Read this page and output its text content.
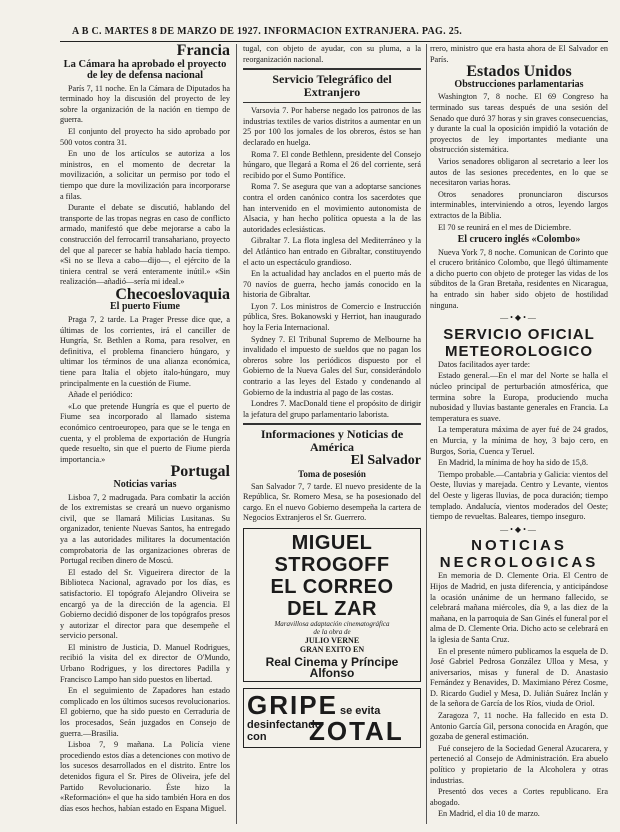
A B C. MARTES 8 DE MARZO DE 1927. INFORMACION EXTRANJERA. PAG. 25.
Francia
La Cámara ha aprobado el proyecto de ley de defensa nacional

París 7, 11 noche. En la Cámara de Diputados ha terminado hoy la discusión del proyecto de ley sobre la organización de la nación en tiempo de guerra.

El conjunto del proyecto ha sido aprobado por 500 votos contra 31.

En uno de los artículos se autoriza a los ministros, en el momento de decretar la movilización, a solicitar un permiso por todo el tiempo que dure la movilización para incorporarse a filas.

Durante el debate se discutió, hablando del transporte de las tropas negras en caso de conflicto armado, manifestó que debe mejorarse a cabo la construcción del ferrocarril transahariano, proyecto del que al parecer se había hablado hacía tiempo. «Si no se lleva a cabo—dijo—, el ejército de la tiniera central se verá enteramente inútil.» «Sin realización—añadió—sería mi ideal.»

Checoeslovaquia
El puerto Fiume

Praga 7, 2 tarde. La Prager Presse dice que, a últimas de los corrientes, irá el canciller de Hungría, Sr. Bethlen a Roma, para resolver, en definitiva, el problema financiero húngaro, y ultimar los términos de una alianza económica, tiene para Italia el objeto ítalo-húngaro, muy principalmente en la cuestión de Fiume.

Añade el periódico:

«Lo que pretende Hungría es que el puerto de Fiume sea incorporado al llamado sistema económico centroeuropeo, para que se le tenga en cuenta, y el problema de exportación de Hungría quede resuelto, sin que el puerto de Fiume pierda importancia.»

Portugal
Noticias varias

Lisboa 7, 2 madrugada. Para combatir la acción de los extremistas se creará un nuevo organismo civil, que se llamará Milicias Lusitanas. Su organizador, teniente Nuevas Santos, ha entregado ya a las autoridades militares la documentación comprobatoria de las organizaciones obreras de Portugal reciben dinero de Moscú.

El estado del Sr. Vigueirera director de la Biblioteca Nacional, agravado por los días, es satisfactorio. El topógrafo Alejandro Oliveira se encargó ya de la dirección de la agencia. El Gobierno decidió disponer de los topógrafos presos y autorizar el director para que desempeñe el servicio personal.

El ministro de Justicia, D. Manuel Rodrigues, recibió la visita del ex director de O'Mundo, Urbano Rodrigues, y los directores Padilla y Francisco Lampo han sido puestos en libertad.

En el seguimiento de Zapadores han estado complicado en los últimos sucesos revolucionarios. El gobierno, que ha sido puesto en Cerraduria de los procesados, Seán juzgados en Consejo de guerra.—Brasilia.

Lisboa 7, 9 mañana. La Policía viene procediendo estos días a detenciones con motivo de los sucesos desarrollados en el distrito. Entre los detenidos figura el Sr. Pires de Oliveira, jefe del Partido Revolucionario. Éste hizo la «Reformación» el que ha sido también Hora en dos días esos hechos, habían estado en Espana Miguel.

tugal, con objeto de ayudar, con su pluma, a la reorganización nacional.

Servicio Telegráfico del Extranjero

Varsovia 7. Por haberse negado los patronos de las industrias textiles de varios distritos a aumentar en un 25 por 100 los jornales de los obreros, éstos se han declarado en huelga.

Roma 7. El conde Bethlenn, presidente del Consejo húngaro, que llegará a Roma el 26 del corriente, será recibido por el Sumo Pontífice.

Roma 7. Se asegura que van a adoptarse sanciones contra el orden canónico contra los sacerdotes que han intervenido en el movimiento autonomista de Alsacia, y han hecho política opuesta a la de las autoridades eclesiásticas.

Gibraltar 7. La flota inglesa del Mediterráneo y la del Atlántico han entrado en Gibraltar, constituyendo el acto un espectáculo grandioso.

En la actualidad hay anclados en el puerto más de 70 navíos de guerra, hecho jamás conocido en la historia de Gibraltar.

Lyon 7. Los ministros de Comercio e Instrucción pública, Sres. Bokanowski y Herriot, han inaugurado hoy la Feria Internacional.

Sydney 7. El Tribunal Supremo de Melbourne ha invalidado el impuesto de sueldos que no pagan los obreros sobre los periódicos dispuesto por el Gobierno de la Nueva Gales del Sur, considerándolo contrario a las leyes del Estado y condenando al Gobierno de la industria al pago de las costas.

Londres 7. MacDonald tiene el propósito de dirigir la jefatura del grupo parlamentario laborista.

Informaciones y Noticias de América
El Salvador
Toma de posesión

San Salvador 7, 7 tarde. El nuevo presidente de la República, Sr. Romero Mesa, se ha posesionado del cargo. En el nuevo Gobierno desempeña la cartera de Negocios Extranjeros el Sr. Guerrero.

MIGUEL STROGOFF
EL CORREO DEL ZAR
Maravillosa adaptación cinematográfica
de la obra de
JULIO VERNE
GRAN EXITO EN
Real Cinema y Príncipe Alfonso
GRIPE se evita
desinfectando con	ZOTAL

rrero, ministro que era hasta ahora de El Salvador en París.

Estados Unidos
Obstrucciones parlamentarias

Washington 7, 8 noche. El 69 Congreso ha terminado sus tareas después de una sesión del Senado que duró 37 horas y sin graves consecuencias, y durante la cual la oposición impidió la votación de proyectos de ley importantes mediante una obstrucción sistemática.

Varios senadores obligaron al secretario a leer los autos de las sesiones precedentes, en lo que se necesitaron varias horas.

Otros senadores pronunciaron discursos interminables, interviniendo a otros, leyendo largos extractos de la Biblia.

El 70 se reunirá en el mes de Diciembre.

El crucero inglés «Colombo»

Nueva York 7, 8 noche. Comunican de Corinto que el crucero británico Colombo, que llegó últimamente a dicho puerto con objeto de proteger las vidas de los súbditos de la Gran Bretaña, residentes en Nicaragua, ha entrado sin haber sido objeto de hostilidad ninguna.

—•◆•—
SERVICIO OFICIAL METEOROLOGICO

Datos facilitados ayer tarde:

Estado general.—En el mar del Norte se halla el núcleo principal de perturbación atmosférica, que termina sobre la Europa, produciendo mucha nubosidad y lluvias bastante generales en Francia. La temperatura es suave.

La temperatura máxima de ayer fué de 24 grados, en Murcia, y la mínima de hoy, 3 bajo cero, en Burgos, Soria, Cuenca y Teruel.

En Madrid, la mínima de hoy ha sido de 15,8.

Tiempo probable.—Cantabria y Galicia: vientos del Oeste, lluvias y marejada. Centro y Levante, vientos del Oeste y ligeras lluvias, de poca duración; tiempo templado. Andalucía, vientos moderados del Oeste; tiempo de revueltas. Baleares, tiempo inseguro.

—•◆•—
NOTICIAS NECROLOGICAS

En memoria de D. Clemente Oria. El Centro de Hijos de Madrid, en justa diferencia, y anticipándose la ocasión unánime de un hermano fallecido, se celebrará mañana miércoles, día 9, a las diez de la mañana, en la parroquia de San Ginés el funeral por el alma de D. Clemente Oria. Dicho acto se celebrará en la iglesia de Santa Cruz.

En el presente número publicamos la esquela de D. José Gabriel Pedrosa González Ulloa y Mesa, y aniversarios, misas y funeral de D. Anastasio Fernández y Benavides, D. Maximiano Pérez Cosme, D. Ricardo Gudiel y Mesa, D. Julián Suárez Inclán y de la señora de García de los Ríos, viuda de Oriol.

Zaragoza 7, 11 noche. Ha fallecido en esta D. Antonio García Gil, persona conocida en Aragón, que gozaba de general estimación.

Fué consejero de la Sociedad General Azucarera, y perteneció al Consejo de Administración. Era abuelo político y propietario de la Alcoholera y otras industrias.

Presentó dos veces a Cortes republicano. Era abogado.

En Madrid, el dia 10 de marzo.
